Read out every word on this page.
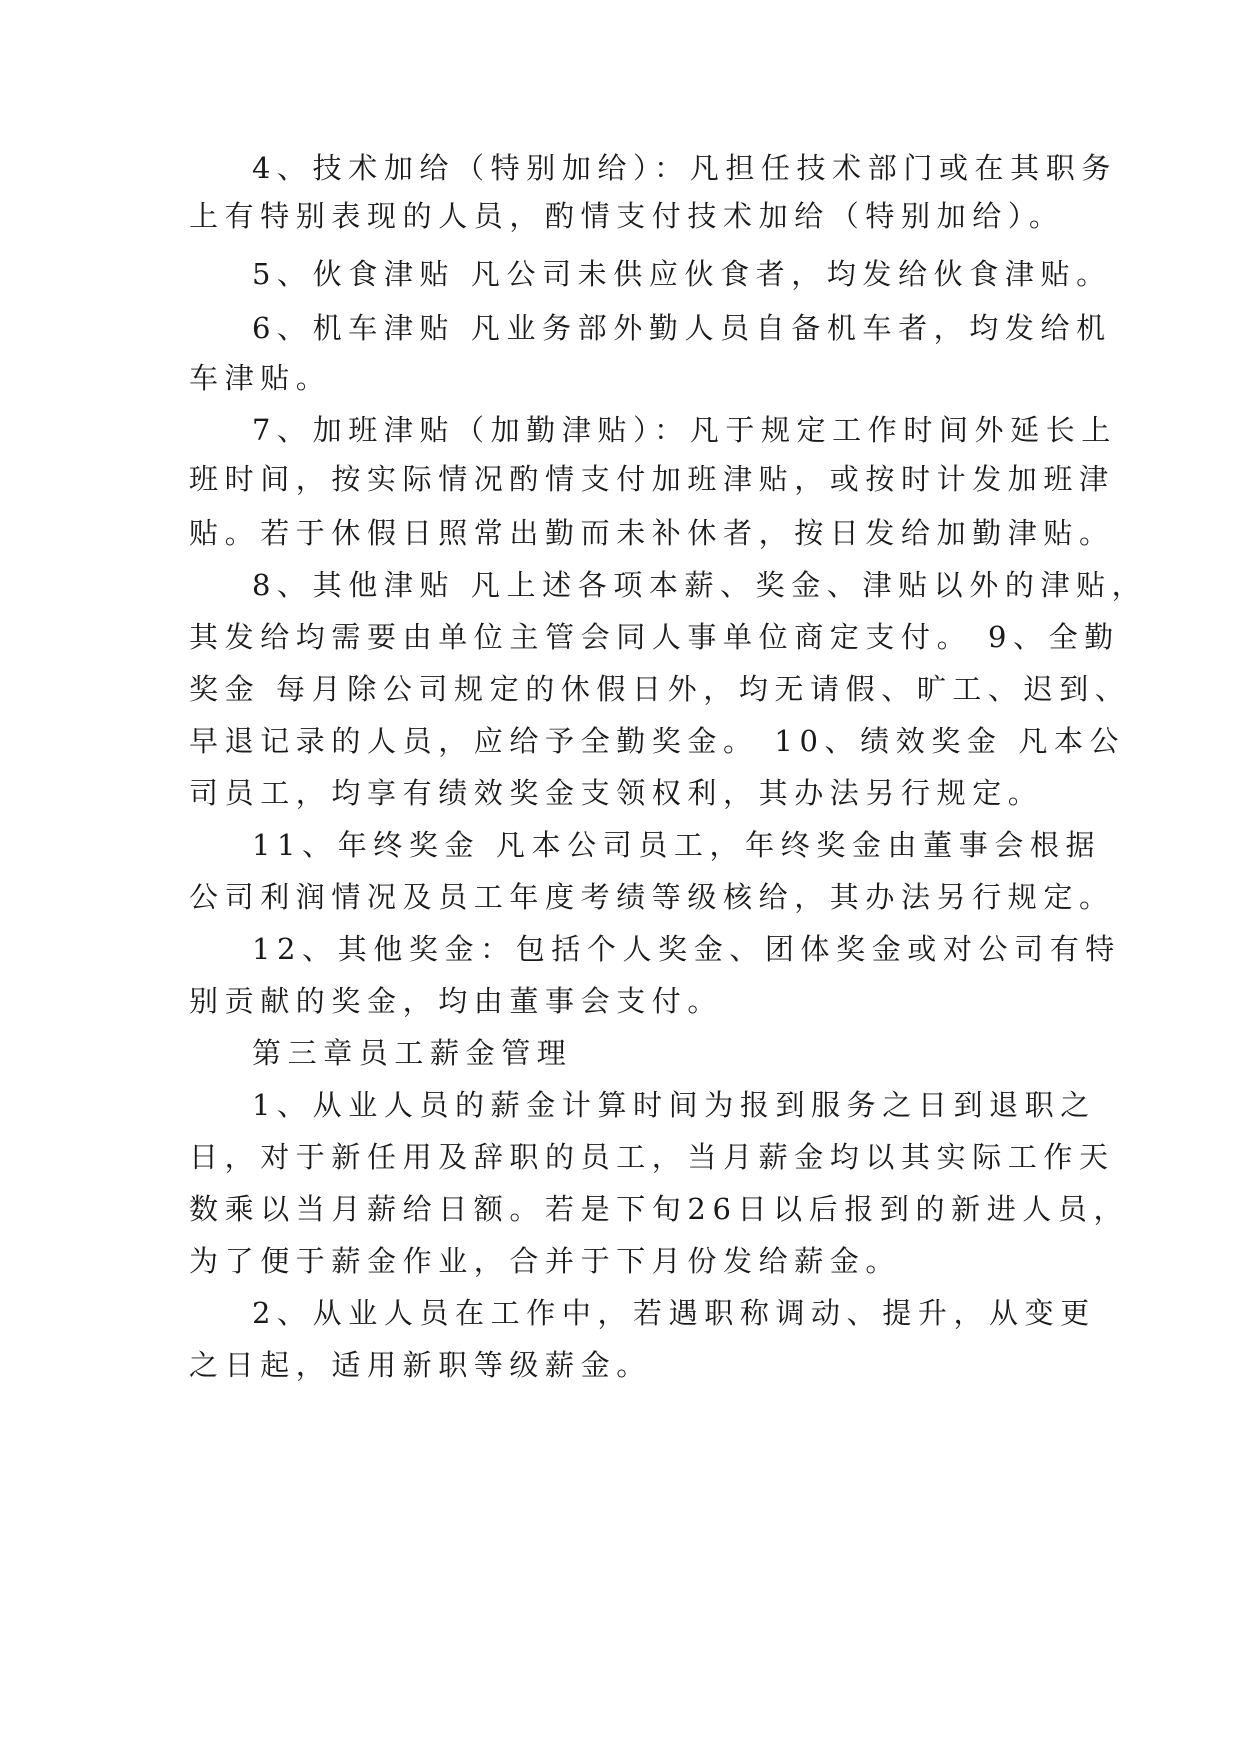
4、技术加给（特别加给）：凡担任技术部门或在其职务
上有特别表现的人员，酌情支付技术加给（特别加给）。
5、伙食津贴 凡公司未供应伙食者，均发给伙食津贴。
6、机车津贴 凡业务部外勤人员自备机车者，均发给机
车津贴。
7、加班津贴（加勤津贴）：凡于规定工作时间外延长上
班时间，按实际情况酌情支付加班津贴，或按时计发加班津
贴。若于休假日照常出勤而未补休者，按日发给加勤津贴。
8、其他津贴 凡上述各项本薪、奖金、津贴以外的津贴，
其发给均需要由单位主管会同人事单位商定支付。 9、全勤
奖金 每月除公司规定的休假日外，均无请假、旷工、迟到、
早退记录的人员，应给予全勤奖金。 10、绩效奖金 凡本公
司员工，均享有绩效奖金支领权利，其办法另行规定。
11、年终奖金 凡本公司员工，年终奖金由董事会根据
公司利润情况及员工年度考绩等级核给，其办法另行规定。
12、其他奖金：包括个人奖金、团体奖金或对公司有特
别贡献的奖金，均由董事会支付。
第三章员工薪金管理
1、从业人员的薪金计算时间为报到服务之日到退职之
日，对于新任用及辞职的员工，当月薪金均以其实际工作天
数乘以当月薪给日额。若是下旬26日以后报到的新进人员，
为了便于薪金作业，合并于下月份发给薪金。
2、从业人员在工作中，若遇职称调动、提升，从变更
之日起，适用新职等级薪金。
